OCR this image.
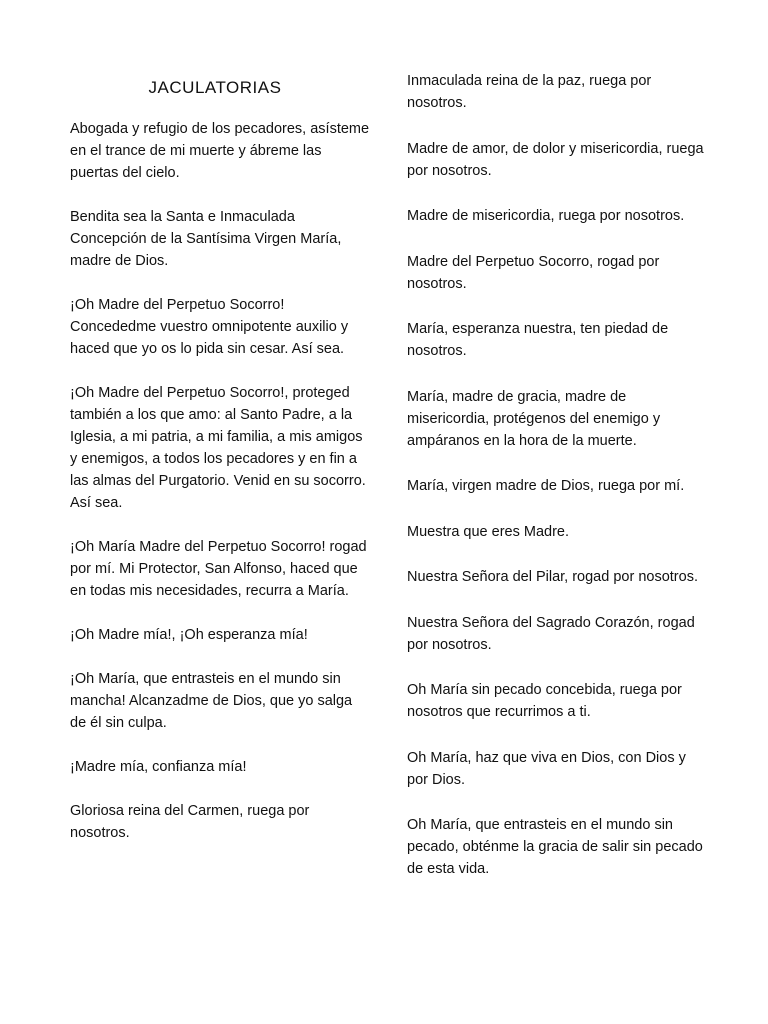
JACULATORIAS

Abogada y refugio de los pecadores, asísteme en el trance de mi muerte y ábreme las puertas del cielo.

Bendita sea la Santa e Inmaculada Concepción de la Santísima Virgen María, madre de Dios.

¡Oh Madre del Perpetuo Socorro! Concededme vuestro omnipotente auxilio y haced que yo os lo pida sin cesar. Así sea.

¡Oh Madre del Perpetuo Socorro!, proteged también a los que amo: al Santo Padre, a la Iglesia, a mi patria, a mi familia, a mis amigos y enemigos, a todos los pecadores y en fin a las almas del Purgatorio. Venid en su socorro. Así sea.

¡Oh María Madre del Perpetuo Socorro! rogad por mí. Mi Protector, San Alfonso, haced que en todas mis necesidades, recurra a María.

¡Oh Madre mía!, ¡Oh esperanza mía!

¡Oh María, que entrasteis en el mundo sin mancha! Alcanzadme de Dios, que yo salga de él sin culpa.

¡Madre mía, confianza mía!

Gloriosa reina del Carmen, ruega por nosotros.

Inmaculada reina de la paz, ruega por nosotros.

Madre de amor, de dolor y misericordia, ruega por nosotros.

Madre de misericordia, ruega por nosotros.

Madre del Perpetuo Socorro, rogad por nosotros.

María, esperanza nuestra, ten piedad de nosotros.

María, madre de gracia, madre de misericordia, protégenos del enemigo y ampáranos en la hora de la muerte.

María, virgen madre de Dios, ruega por mí.

Muestra que eres Madre.

Nuestra Señora del Pilar, rogad por nosotros.

Nuestra Señora del Sagrado Corazón, rogad por nosotros.

Oh María sin pecado concebida, ruega por nosotros que recurrimos a ti.

Oh María, haz que viva en Dios, con Dios y por Dios.

Oh María, que entrasteis en el mundo sin pecado, obténme la gracia de salir sin pecado de esta vida.
